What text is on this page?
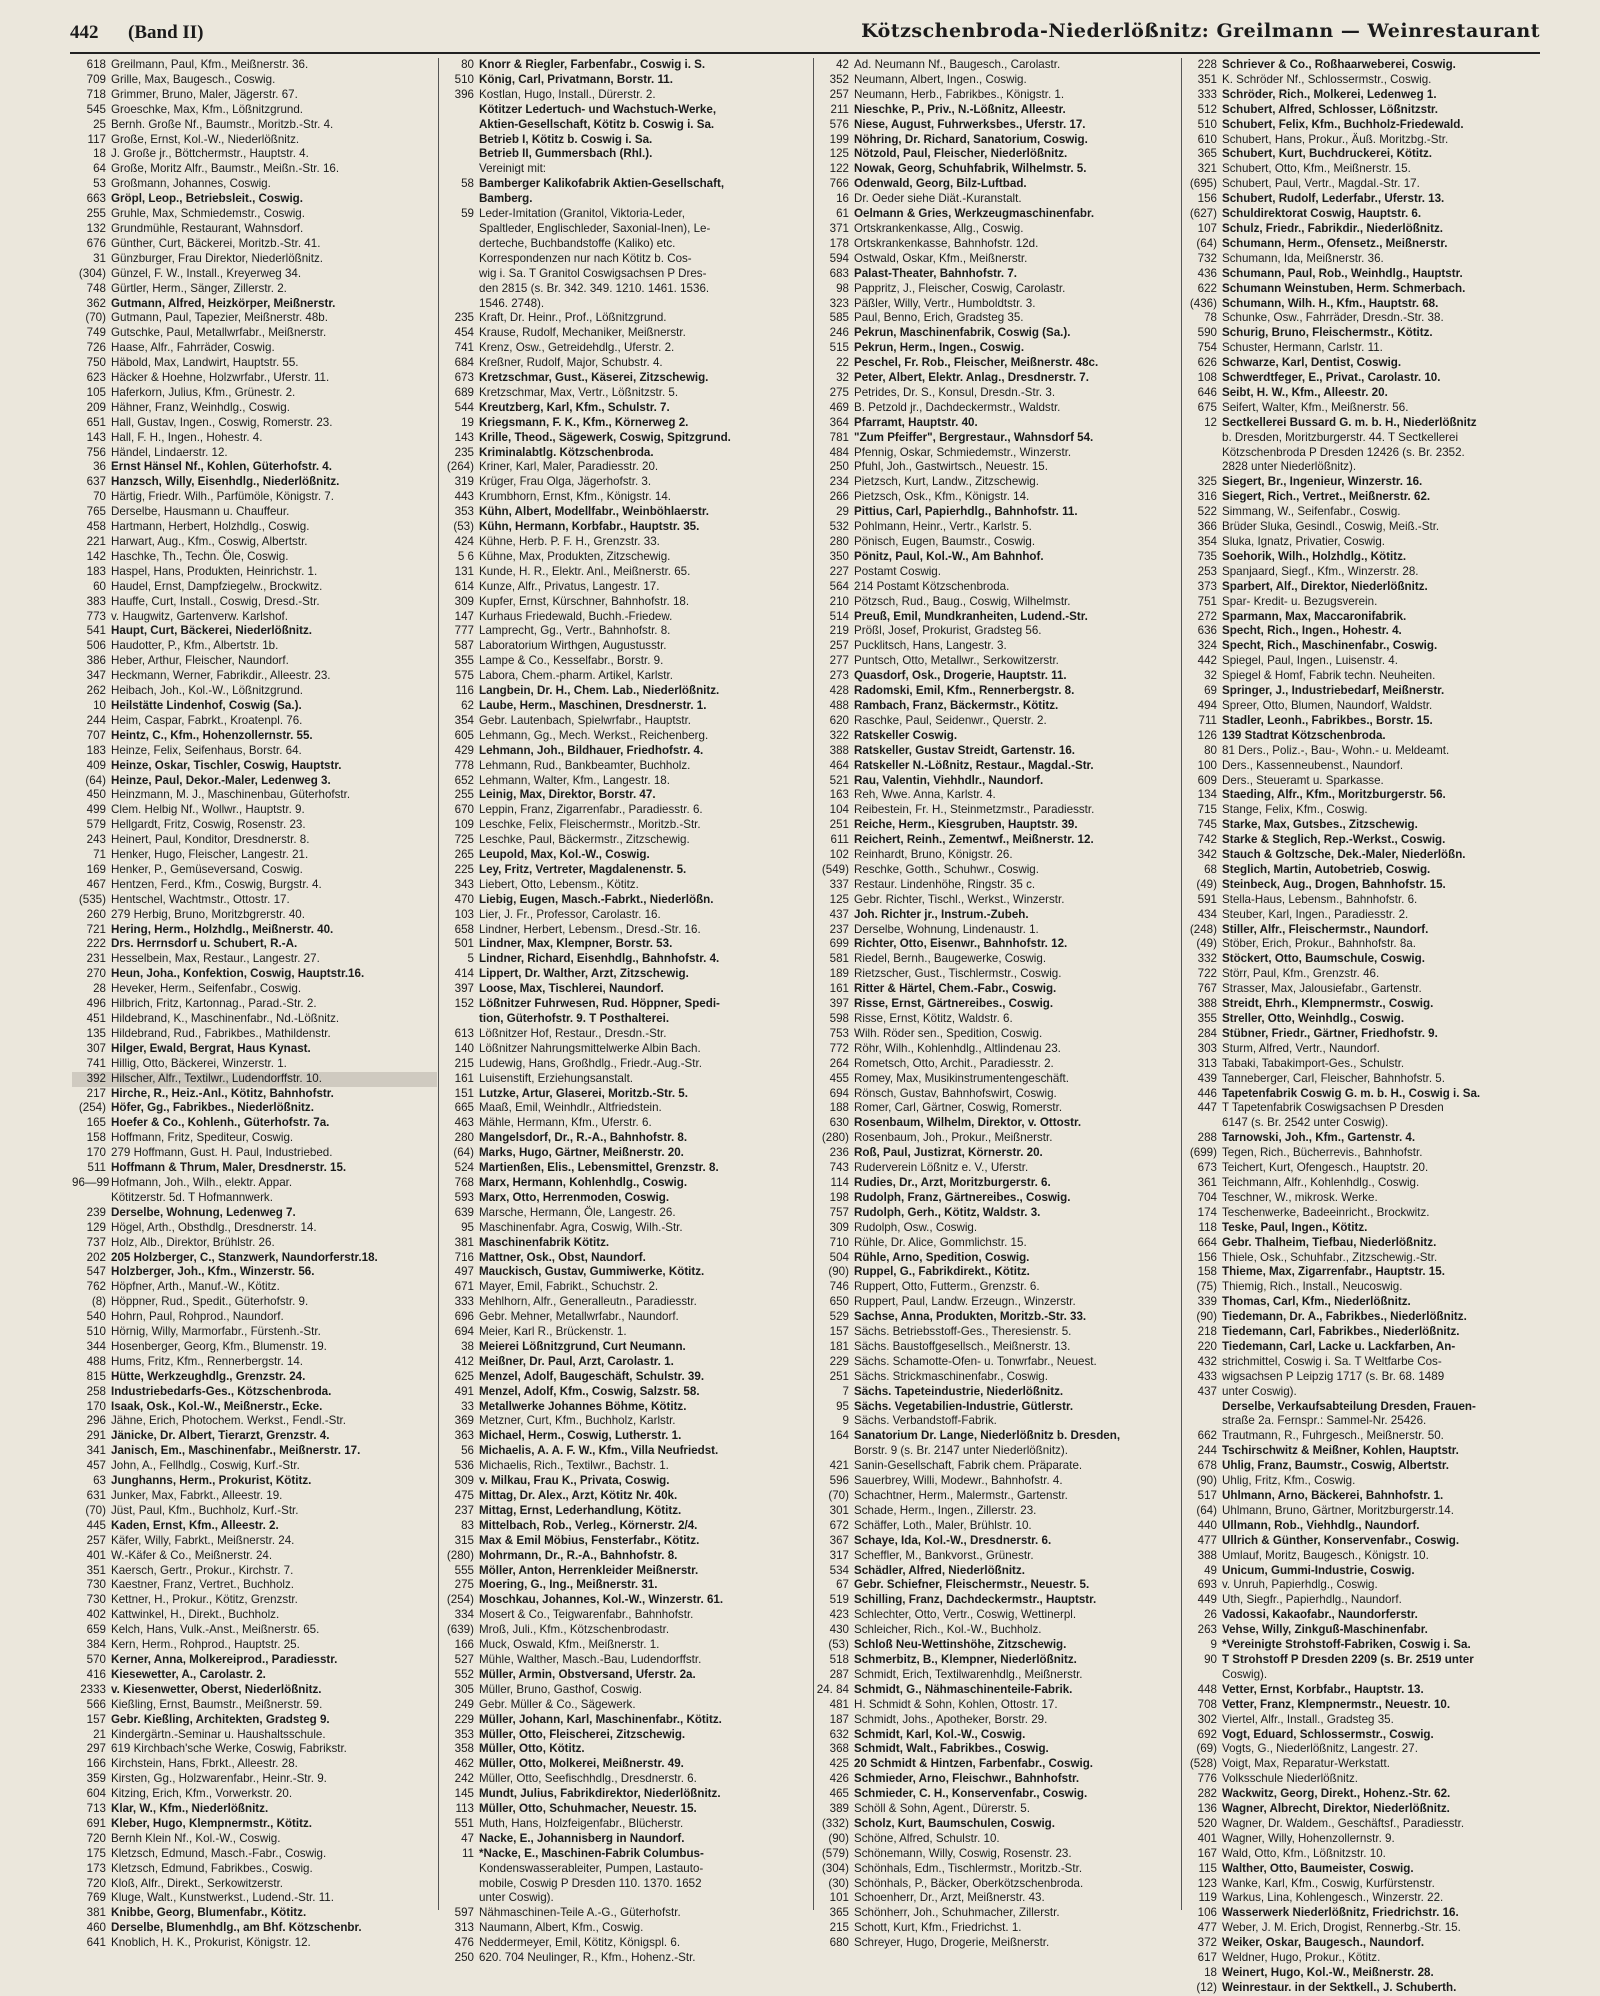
442 (Band II)	Kötzschenbroda-Niederlößnitz: Greilmann — Weinrestaurant
618 Greilmann, Paul, Kfm., Meißnerstr. 36.
709 Grille, Max, Baugesch., Coswig.
718 Grimmer, Bruno, Maler, Jägerstr. 67.
545 Groeschke, Max, Kfm., Lößnitzgrund.
25 Bernh. Große Nf., Baumstr., Moritzb.-Str. 4.
117 Große, Ernst, Kol.-W., Niederlößnitz.
18 J. Große jr., Böttchermstr., Hauptstr. 4.
64 Große, Moritz Alfr., Baumstr., Meißn.-Str. 16.
53 Großmann, Johannes, Coswig.
663 Gröpl, Leop., Betriebsleit., Coswig.
255 Gruhle, Max, Schmiedemstr., Coswig.
132 Grundmühle, Restaurant, Wahnsdorf.
676 Günther, Curt, Bäckerei, Moritzb.-Str. 41.
31 Günzburger, Frau Direktor, Niederlößnitz.
(304) Günzel, F. W., Install., Kreyerweg 34.
748 Gürtler, Herm., Sänger, Zillerstr. 2.
362 Gutmann, Alfred, Heizkörper, Meißnerstr.
(70) Gutmann, Paul, Tapezier, Meißnerstr. 48b.
749 Gutschke, Paul, Metallwrfabr., Meißnerstr.
726 Haase, Alfr., Fahrräder, Coswig.
750 Häbold, Max, Landwirt, Hauptstr. 55.
623 Häcker & Hoehne, Holzwrfabr., Uferstr. 11.
105 Haferkorn, Julius, Kfm., Grünestr. 2.
209 Hähner, Franz, Weinhdlg., Coswig.
651 Hall, Gustav, Ingen., Coswig, Romerstr. 23.
143 Hall, F. H., Ingen., Hohestr. 4.
756 Händel, Lindaerstr. 12.
36 Ernst Hänsel Nf., Kohlen, Güterhofstr. 4.
637 Hanzsch, Willy, Eisenhdlg., Niederlößnitz.
70 Härtig, Friedr. Wilh., Parfümöle, Königstr. 7.
765 Derselbe, Hausmann u. Chauffeur.
458 Hartmann, Herbert, Holzhdlg., Coswig.
221 Harwart, Aug., Kfm., Coswig, Albertstr.
142 Haschke, Th., Techn. Öle, Coswig.
183 Haspel, Hans, Produkten, Heinrichstr. 1.
60 Haudel, Ernst, Dampfziegelw., Brockwitz.
383 Hauffe, Curt, Install., Coswig, Dresd.-Str.
773 v. Haugwitz, Gartenverw. Karlshof.
541 Haupt, Curt, Bäckerei, Niederlößnitz.
506 Haudotter, P., Kfm., Albertstr. 1b.
386 Heber, Arthur, Fleischer, Naundorf.
347 Heckmann, Werner, Fabrikdir., Alleestr. 23.
262 Heibach, Joh., Kol.-W., Lößnitzgrund.
10 Heilstätte Lindenhof, Coswig (Sa.).
244 Heim, Caspar, Fabrkt., Kroatenpl. 76.
707 Heintz, C., Kfm., Hohenzollernstr. 55.
183 Heinze, Felix, Seifenhaus, Borstr. 64.
409 Heinze, Oskar, Tischler, Coswig, Hauptstr.
(64) Heinze, Paul, Dekor.-Maler, Ledenweg 3.
450 Heinzmann, M. J., Maschinenbau, Güterhofstr.
499 Clem. Helbig Nf., Wollwr., Hauptstr. 9.
579 Hellgardt, Fritz, Coswig, Rosenstr. 23.
243 Heinert, Paul, Konditor, Dresdnerstr. 8.
71 Henker, Hugo, Fleischer, Langestr. 21.
169 Henker, P., Gemüseversand, Coswig.
467 Hentzen, Ferd., Kfm., Coswig, Burgstr. 4.
(535) Hentschel, Wachtmstr., Ottostr. 17.
260 279 Herbig, Bruno, Moritzbgrerstr. 40.
721 Hering, Herm., Holzhdlg., Meißnerstr. 40.
222 Drs. Herrnsdorf u. Schubert, R.-A.
231 Hesselbein, Max, Restaur., Langestr. 27.
270 Heun, Joha., Konfektion, Coswig, Hauptstr.16.
28 Heveker, Herm., Seifenfabr., Coswig.
496 Hilbrich, Fritz, Kartonnag., Parad.-Str. 2.
451 Hildebrand, K., Maschinenfabr., Nd.-Lößnitz.
135 Hildebrand, Rud., Fabrikbes., Mathildenstr.
307 Hilger, Ewald, Bergrat, Haus Kynast.
741 Hillig, Otto, Bäckerei, Winzerstr. 1.
392 Hilscher, Alfr., Textilwr., Ludendorffstr. 10.
217 Hirche, R., Heiz.-Anl., Kötitz, Bahnhofstr.
(254) Höfer, Gg., Fabrikbes., Niederlößnitz.
165 Hoefer & Co., Kohlenh., Güterhofstr. 7a.
158 Hoffmann, Fritz, Spediteur, Coswig.
170 279 Hoffmann, Gust. H. Paul, Industriebed.
511 Hoffmann & Thrum, Maler, Dresdnerstr. 15.
96—99 Hofmann, Joh., Wilh., elektr. Appar.
Kötitzerstr. 5d. T Hofmannwerk.
239 Derselbe, Wohnung, Ledenweg 7.
129 Högel, Arth., Obsthdlg., Dresdnerstr. 14.
737 Holz, Alb., Direktor, Brühlstr. 26.
202 205 Holzberger, C., Stanzwerk, Naundorferstr.18.
547 Holzberger, Joh., Kfm., Winzerstr. 56.
762 Höpfner, Arth., Manuf.-W., Kötitz.
(8) Höppner, Rud., Spedit., Güterhofstr. 9.
540 Hohrn, Paul, Rohprod., Naundorf.
510 Hörnig, Willy, Marmorfabr., Fürstenh.-Str.
344 Hosenberger, Georg, Kfm., Blumenstr. 19.
488 Hums, Fritz, Kfm., Rennerbergstr. 14.
815 Hütte, Werkzeughdlg., Grenzstr. 24.
258 Industriebedarfs-Ges., Kötzschenbroda.
170 Isaak, Osk., Kol.-W., Meißnerstr., Ecke.
296 Jähne, Erich, Photochem. Werkst., Fendl.-Str.
291 Jänicke, Dr. Albert, Tierarzt, Grenzstr. 4.
341 Janisch, Em., Maschinenfabr., Meißnerstr. 17.
457 John, A., Fellhdlg., Coswig, Kurf.-Str.
63 Junghanns, Herm., Prokurist, Kötitz.
631 Junker, Max, Fabrkt., Alleestr. 19.
(70) Jüst, Paul, Kfm., Buchholz, Kurf.-Str.
445 Kaden, Ernst, Kfm., Alleestr. 2.
257 Käfer, Willy, Fabrkt., Meißnerstr. 24.
401 W.-Käfer & Co., Meißnerstr. 24.
351 Kaersch, Gertr., Prokur., Kirchstr. 7.
730 Kaestner, Franz, Vertret., Buchholz.
730 Kettner, H., Prokur., Kötitz, Grenzstr.
402 Kattwinkel, H., Direkt., Buchholz.
659 Kelch, Hans, Vulk.-Anst., Meißnerstr. 65.
384 Kern, Herm., Rohprod., Hauptstr. 25.
570 Kerner, Anna, Molkereiprod., Paradiesstr.
416 Kiesewetter, A., Carolastr. 2.
2333 v. Kiesenwetter, Oberst, Niederlößnitz.
566 Kießling, Ernst, Baumstr., Meißnerstr. 59.
157 Gebr. Kießling, Architekten, Gradsteg 9.
21 Kindergärtn.-Seminar u. Haushaltsschule.
297 619 Kirchbach'sche Werke, Coswig, Fabrikstr.
166 Kirchstein, Hans, Fbrkt., Alleestr. 28.
359 Kirsten, Gg., Holzwarenfabr., Heinr.-Str. 9.
604 Kitzing, Erich, Kfm., Vorwerkstr. 20.
713 Klar, W., Kfm., Niederlößnitz.
691 Kleber, Hugo, Klempnermstr., Kötitz.
720 Bernh Klein Nf., Kol.-W., Coswig.
175 Kletzsch, Edmund, Masch.-Fabr., Coswig.
173 Kletzsch, Edmund, Fabrikbes., Coswig.
720 Kloß, Alfr., Direkt., Serkowitzerstr.
769 Kluge, Walt., Kunstwerkst., Ludend.-Str. 11.
381 Knibbe, Georg, Blumenfabr., Kötitz.
460 Derselbe, Blumenhdlg., am Bhf. Kötzschenbr.
641 Knoblich, H. K., Prokurist, Königstr. 12.
80 Knorr & Riegler, Farbenfabr., Coswig i. S.
510 König, Carl, Privatmann, Borstr. 11.
396 Kostlan, Hugo, Install., Dürerstr. 2.
Kötitzer Ledertuch- und Wachstuch-Werke,
Aktien-Gesellschaft, Kötitz b. Coswig i. Sa.
Betrieb I, Kötitz b. Coswig i. Sa.
Betrieb II, Gummersbach (Rhl.).
Vereinigt mit:
58 Bamberger Kalikofabrik Aktien-Gesellschaft,
Bamberg.
59 Leder-Imitation (Granitol, Viktoria-Leder,
Spaltleder, Englischleder, Saxonial-Inen), Le-
derteche, Buchbandstoffe (Kaliko) etc.
Korrespondenzen nur nach Kötitz b. Cos-
wig i. Sa. T Granitol Coswigsachsen P Dres-
den 2815 (s. Br. 342. 349. 1210. 1461. 1536.
1546. 2748).
235 Kraft, Dr. Heinr., Prof., Lößnitzgrund.
454 Krause, Rudolf, Mechaniker, Meißnerstr.
741 Krenz, Osw., Getreidehdlg., Uferstr. 2.
684 Kreßner, Rudolf, Major, Schubstr. 4.
673 Kretzschmar, Gust., Käserei, Zitzschewig.
689 Kretzschmar, Max, Vertr., Lößnitzstr. 5.
544 Kreutzberg, Karl, Kfm., Schulstr. 7.
19 Kriegsmann, F. K., Kfm., Körnerweg 2.
143 Krille, Theod., Sägewerk, Coswig, Spitzgrund.
235 Kriminalabtlg. Kötzschenbroda.
(264) Kriner, Karl, Maler, Paradiesstr. 20.
319 Krüger, Frau Olga, Jägerhofstr. 3.
443 Krumbhorn, Ernst, Kfm., Königstr. 14.
353 Kühn, Albert, Modellfabr., Weinböhlaerstr.
(53) Kühn, Hermann, Korbfabr., Hauptstr. 35.
424 Kühne, Herb. P. F. H., Grenzstr. 33.
5 6 Kühne, Max, Produkten, Zitzschewig.
131 Kunde, H. R., Elektr. Anl., Meißnerstr. 65.
614 Kunze, Alfr., Privatus, Langestr. 17.
309 Kupfer, Ernst, Kürschner, Bahnhofstr. 18.
147 Kurhaus Friedewald, Buchh.-Friedew.
777 Lamprecht, Gg., Vertr., Bahnhofstr. 8.
587 Laboratorium Wirthgen, Augustusstr.
355 Lampe & Co., Kesselfabr., Borstr. 9.
575 Labora, Chem.-pharm. Artikel, Karlstr.
116 Langbein, Dr. H., Chem. Lab., Niederlößnitz.
62 Laube, Herm., Maschinen, Dresdnerstr. 1.
354 Gebr. Lautenbach, Spielwrfabr., Hauptstr.
605 Lehmann, Gg., Mech. Werkst., Reichenberg.
429 Lehmann, Joh., Bildhauer, Friedhofstr. 4.
778 Lehmann, Rud., Bankbeamter, Buchholz.
652 Lehmann, Walter, Kfm., Langestr. 18.
255 Leinig, Max, Direktor, Borstr. 47.
670 Leppin, Franz, Zigarrenfabr., Paradiesstr. 6.
109 Leschke, Felix, Fleischermstr., Moritzb.-Str.
725 Leschke, Paul, Bäckermstr., Zitzschewig.
265 Leupold, Max, Kol.-W., Coswig.
225 Ley, Fritz, Vertreter, Magdalenenstr. 5.
343 Liebert, Otto, Lebensm., Kötitz.
470 Liebig, Eugen, Masch.-Fabrkt., Niederlößn.
103 Lier, J. Fr., Professor, Carolastr. 16.
658 Lindner, Herbert, Lebensm., Dresd.-Str. 16.
501 Lindner, Max, Klempner, Borstr. 53.
5 Lindner, Richard, Eisenhdlg., Bahnhofstr. 4.
414 Lippert, Dr. Walther, Arzt, Zitzschewig.
397 Loose, Max, Tischlerei, Naundorf.
152 Lößnitzer Fuhrwesen, Rud. Höppner, Spedi-
tion, Güterhofstr. 9. T Posthalterei.
613 Lößnitzer Hof, Restaur., Dresdn.-Str.
140 Lößnitzer Nahrungsmittelwerke Albin Bach.
215 Ludewig, Hans, Großhdlg., Friedr.-Aug.-Str.
161 Luisenstift, Erziehungsanstalt.
151 Lutzke, Artur, Glaserei, Moritzb.-Str. 5.
665 Maaß, Emil, Weinhdlr., Altfriedstein.
463 Mähle, Hermann, Kfm., Uferstr. 6.
280 Mangelsdorf, Dr., R.-A., Bahnhofstr. 8.
(64) Marks, Hugo, Gärtner, Meißnerstr. 20.
524 Martienßen, Elis., Lebensmittel, Grenzstr. 8.
768 Marx, Hermann, Kohlenhdlg., Coswig.
593 Marx, Otto, Herrenmoden, Coswig.
639 Marsche, Hermann, Öle, Langestr. 26.
95 Maschinenfabr. Agra, Coswig, Wilh.-Str.
381 Maschinenfabrik Kötitz.
716 Mattner, Osk., Obst, Naundorf.
497 Mauckisch, Gustav, Gummiwerke, Kötitz.
671 Mayer, Emil, Fabrikt., Schuchstr. 2.
333 Mehlhorn, Alfr., Generalleutn., Paradiesstr.
696 Gebr. Mehner, Metallwrfabr., Naundorf.
694 Meier, Karl R., Brückenstr. 1.
38 Meierei Lößnitzgrund, Curt Neumann.
412 Meißner, Dr. Paul, Arzt, Carolastr. 1.
625 Menzel, Adolf, Baugeschäft, Schulstr. 39.
491 Menzel, Adolf, Kfm., Coswig, Salzstr. 58.
33 Metallwerke Johannes Böhme, Kötitz.
369 Metzner, Curt, Kfm., Buchholz, Karlstr.
363 Michael, Herm., Coswig, Lutherstr. 1.
56 Michaelis, A. A. F. W., Kfm., Villa Neufriedst.
536 Michaelis, Rich., Textilwr., Bachstr. 1.
309 v. Milkau, Frau K., Privata, Coswig.
475 Mittag, Dr. Alex., Arzt, Kötitz Nr. 40k.
237 Mittag, Ernst, Lederhandlung, Kötitz.
83 Mittelbach, Rob., Verleg., Körnerstr. 2/4.
315 Max & Emil Möbius, Fensterfabr., Kötitz.
(280) Mohrmann, Dr., R.-A., Bahnhofstr. 8.
555 Möller, Anton, Herrenkleider Meißnerstr.
275 Moering, G., Ing., Meißnerstr. 31.
(254) Moschkau, Johannes, Kol.-W., Winzerstr. 61.
334 Mosert & Co., Teigwarenfabr., Bahnhofstr.
(639) Mroß, Juli., Kfm., Kötzschenbrodastr.
166 Muck, Oswald, Kfm., Meißnerstr. 1.
527 Mühle, Walther, Masch.-Bau, Ludendorffstr.
552 Müller, Armin, Obstversand, Uferstr. 2a.
305 Müller, Bruno, Gasthof, Coswig.
249 Gebr. Müller & Co., Sägewerk.
229 Müller, Johann, Karl, Maschinenfabr., Kötitz.
353 Müller, Otto, Fleischerei, Zitzschewig.
358 Müller, Otto, Kötitz.
462 Müller, Otto, Molkerei, Meißnerstr. 49.
242 Müller, Otto, Seefischhdlg., Dresdnerstr. 6.
145 Mundt, Julius, Fabrikdirektor, Niederlößnitz.
113 Müller, Otto, Schuhmacher, Neuestr. 15.
551 Muth, Hans, Holzfeigenfabr., Blücherstr.
47 Nacke, E., Johannisberg in Naundorf.
11 *Nacke, E., Maschinen-Fabrik Columbus-
Kondenswasserableiter, Pumpen, Lastauto-
mobile, Coswig P Dresden 110. 1370. 1652
unter Coswig).
597 Nähmaschinen-Teile A.-G., Güterhofstr.
313 Naumann, Albert, Kfm., Coswig.
476 Neddermeyer, Emil, Kötitz, Königspl. 6.
250 620. 704 Neulinger, R., Kfm., Hohenz.-Str.
42 Ad. Neumann Nf., Baugesch., Carolastr.
352 Neumann, Albert, Ingen., Coswig.
257 Neumann, Herb., Fabrikbes., Königstr. 1.
211 Nieschke, P., Priv., N.-Lößnitz, Alleestr.
576 Niese, August, Fuhrwerksbes., Uferstr. 17.
199 Nöhring, Dr. Richard, Sanatorium, Coswig.
125 Nötzold, Paul, Fleischer, Niederlößnitz.
122 Nowak, Georg, Schuhfabrik, Wilhelmstr. 5.
766 Odenwald, Georg, Bilz-Luftbad.
16 Dr. Oeder siehe Diät.-Kuranstalt.
61 Oelmann & Gries, Werkzeugmaschinenfabr.
371 Ortskrankenkasse, Allg., Coswig.
178 Ortskrankenkasse, Bahnhofstr. 12d.
594 Ostwald, Oskar, Kfm., Meißnerstr.
683 Palast-Theater, Bahnhofstr. 7.
98 Pappritz, J., Fleischer, Coswig, Carolastr.
323 Päßler, Willy, Vertr., Humboldtstr. 3.
585 Paul, Benno, Erich, Gradsteg 35.
246 Pekrun, Maschinenfabrik, Coswig (Sa.).
515 Pekrun, Herm., Ingen., Coswig.
22 Peschel, Fr. Rob., Fleischer, Meißnerstr. 48c.
32 Peter, Albert, Elektr. Anlag., Dresdnerstr. 7.
275 Petrides, Dr. S., Konsul, Dresdn.-Str. 3.
469 B. Petzold jr., Dachdeckermstr., Waldstr.
364 Pfarramt, Hauptstr. 40.
781 "Zum Pfeiffer", Bergrestaur., Wahnsdorf 54.
484 Pfennig, Oskar, Schmiedemstr., Winzerstr.
250 Pfuhl, Joh., Gastwirtsch., Neuestr. 15.
234 Pietzsch, Kurt, Landw., Zitzschewig.
266 Pietzsch, Osk., Kfm., Königstr. 14.
29 Pittius, Carl, Papierhdlg., Bahnhofstr. 11.
532 Pohlmann, Heinr., Vertr., Karlstr. 5.
280 Pönisch, Eugen, Baumstr., Coswig.
350 Pönitz, Paul, Kol.-W., Am Bahnhof.
227 Postamt Coswig.
564 214 Postamt Kötzschenbroda.
210 Pötzsch, Rud., Baug., Coswig, Wilhelmstr.
514 Preuß, Emil, Mundkranheiten, Ludend.-Str.
219 Prößl, Josef, Prokurist, Gradsteg 56.
257 Pucklitsch, Hans, Langestr. 3.
277 Puntsch, Otto, Metallwr., Serkowitzerstr.
273 Quasdorf, Osk., Drogerie, Hauptstr. 11.
428 Radomski, Emil, Kfm., Rennerbergstr. 8.
488 Rambach, Franz, Bäckermstr., Kötitz.
620 Raschke, Paul, Seidenwr., Querstr. 2.
322 Ratskeller Coswig.
388 Ratskeller, Gustav Streidt, Gartenstr. 16.
464 Ratskeller N.-Lößnitz, Restaur., Magdal.-Str.
521 Rau, Valentin, Viehhdlr., Naundorf.
163 Reh, Wwe. Anna, Karlstr. 4.
104 Reibestein, Fr. H., Steinmetzmstr., Paradiesstr.
251 Reiche, Herm., Kiesgruben, Hauptstr. 39.
611 Reichert, Reinh., Zementwf., Meißnerstr. 12.
102 Reinhardt, Bruno, Königstr. 26.
(549) Reschke, Gotth., Schuhwr., Coswig.
337 Restaur. Lindenhöhe, Ringstr. 35 c.
125 Gebr. Richter, Tischl., Werkst., Winzerstr.
437 Joh. Richter jr., Instrum.-Zubeh.
237 Derselbe, Wohnung, Lindenaustr. 1.
699 Richter, Otto, Eisenwr., Bahnhofstr. 12.
581 Riedel, Bernh., Baugewerke, Coswig.
189 Rietzscher, Gust., Tischlermstr., Coswig.
161 Ritter & Härtel, Chem.-Fabr., Coswig.
397 Risse, Ernst, Gärtnereibes., Coswig.
598 Risse, Ernst, Kötitz, Waldstr. 6.
753 Wilh. Röder sen., Spedition, Coswig.
772 Röhr, Wilh., Kohlenhdlg., Altlindenau 23.
264 Rometsch, Otto, Archit., Paradiesstr. 2.
455 Romey, Max, Musikinstrumentengeschäft.
694 Rönsch, Gustav, Bahnhofswirt, Coswig.
188 Romer, Carl, Gärtner, Coswig, Romerstr.
630 Rosenbaum, Wilhelm, Direktor, v. Ottostr.
(280) Rosenbaum, Joh., Prokur., Meißnerstr.
236 Roß, Paul, Justizrat, Körnerstr. 20.
743 Ruderverein Lößnitz e. V., Uferstr.
114 Rudies, Dr., Arzt, Moritzburgerstr. 6.
198 Rudolph, Franz, Gärtnereibes., Coswig.
757 Rudolph, Gerh., Kötitz, Waldstr. 3.
309 Rudolph, Osw., Coswig.
710 Rühle, Dr. Alice, Gommlichstr. 15.
504 Rühle, Arno, Spedition, Coswig.
(90) Ruppel, G., Fabrikdirekt., Kötitz.
746 Ruppert, Otto, Futterm., Grenzstr. 6.
650 Ruppert, Paul, Landw. Erzeugn., Winzerstr.
529 Sachse, Anna, Produkten, Moritzb.-Str. 33.
157 Sächs. Betriebsstoff-Ges., Theresienstr. 5.
181 Sächs. Baustoffgesellsch., Meißnerstr. 13.
229 Sächs. Schamotte-Ofen- u. Tonwrfabr., Neuest.
251 Sächs. Strickmaschinenfabr., Coswig.
7 Sächs. Tapeteindustrie, Niederlößnitz.
95 Sächs. Vegetabilien-Industrie, Gütlerstr.
9 Sächs. Verbandstoff-Fabrik.
164 Sanatorium Dr. Lange, Niederlößnitz b. Dresden,
Borstr. 9 (s. Br. 2147 unter Niederlößnitz).
421 Sanin-Gesellschaft, Fabrik chem. Präparate.
596 Sauerbrey, Willi, Modewr., Bahnhofstr. 4.
(70) Schachtner, Herm., Malermstr., Gartenstr.
301 Schade, Herm., Ingen., Zillerstr. 23.
672 Schäffer, Loth., Maler, Brühlstr. 10.
367 Schaye, Ida, Kol.-W., Dresdnerstr. 6.
317 Scheffler, M., Bankvorst., Grünestr.
534 Schädler, Alfred, Niederlößnitz.
67 Gebr. Schiefner, Fleischermstr., Neuestr. 5.
519 Schilling, Franz, Dachdeckermstr., Hauptstr.
423 Schlechter, Otto, Vertr., Coswig, Wettinerpl.
430 Schleicher, Rich., Kol.-W., Buchholz.
(53) Schloß Neu-Wettinshöhe, Zitzschewig.
518 Schmerbitz, B., Klempner, Niederlößnitz.
287 Schmidt, Erich, Textilwarenhdlg., Meißnerstr.
24. 84 Schmidt, G., Nähmaschinenteile-Fabrik.
481 H. Schmidt & Sohn, Kohlen, Ottostr. 17.
187 Schmidt, Johs., Apotheker, Borstr. 29.
632 Schmidt, Karl, Kol.-W., Coswig.
368 Schmidt, Walt., Fabrikbes., Coswig.
425 20 Schmidt & Hintzen, Farbenfabr., Coswig.
426 Schmieder, Arno, Fleischwr., Bahnhofstr.
465 Schmieder, C. H., Konservenfabr., Coswig.
389 Schöll & Sohn, Agent., Dürerstr. 5.
(332) Scholz, Kurt, Baumschulen, Coswig.
(90) Schöne, Alfred, Schulstr. 10.
(579) Schönemann, Willy, Coswig, Rosenstr. 23.
(304) Schönhals, Edm., Tischlermstr., Moritzb.-Str.
(30) Schönhals, P., Bäcker, Oberkötzschenbroda.
101 Schoenherr, Dr., Arzt, Meißnerstr. 43.
365 Schönherr, Joh., Schuhmacher, Zillerstr.
215 Schott, Kurt, Kfm., Friedrichst. 1.
680 Schreyer, Hugo, Drogerie, Meißnerstr.
228 Schriever & Co., Roßhaarweberei, Coswig.
351 K. Schröder Nf., Schlossermstr., Coswig.
333 Schröder, Rich., Molkerei, Ledenweg 1.
512 Schubert, Alfred, Schlosser, Lößnitzstr.
510 Schubert, Felix, Kfm., Buchholz-Friedewald.
610 Schubert, Hans, Prokur., Äuß. Moritzbg.-Str.
365 Schubert, Kurt, Buchdruckerei, Kötitz.
321 Schubert, Otto, Kfm., Meißnerstr. 15.
(695) Schubert, Paul, Vertr., Magdal.-Str. 17.
156 Schubert, Rudolf, Lederfabr., Uferstr. 13.
(627) Schuldirektorat Coswig, Hauptstr. 6.
107 Schulz, Friedr., Fabrikdir., Niederlößnitz.
(64) Schumann, Herm., Ofensetz., Meißnerstr.
732 Schumann, Ida, Meißnerstr. 36.
436 Schumann, Paul, Rob., Weinhdlg., Hauptstr.
622 Schumann Weinstuben, Herm. Schmerbach.
(436) Schumann, Wilh. H., Kfm., Hauptstr. 68.
78 Schunke, Osw., Fahrräder, Dresdn.-Str. 38.
590 Schurig, Bruno, Fleischermstr., Kötitz.
754 Schuster, Hermann, Carlstr. 11.
626 Schwarze, Karl, Dentist, Coswig.
108 Schwerdtfeger, E., Privat., Carolastr. 10.
646 Seibt, H. W., Kfm., Alleestr. 20.
675 Seifert, Walter, Kfm., Meißnerstr. 56.
12 Sectkellerei Bussard G. m. b. H., Niederlößnitz
b. Dresden, Moritzburgerstr. 44. T Sectkellerei
Kötzschenbroda P Dresden 12426 (s. Br. 2352.
2828 unter Niederlößnitz).
325 Siegert, Br., Ingenieur, Winzerstr. 16.
316 Siegert, Rich., Vertret., Meißnerstr. 62.
522 Simmang, W., Seifenfabr., Coswig.
366 Brüder Sluka, Gesindl., Coswig, Meiß.-Str.
354 Sluka, Ignatz, Privatier, Coswig.
735 Soehorik, Wilh., Holzhdlg., Kötitz.
253 Spanjaard, Siegf., Kfm., Winzerstr. 28.
373 Sparbert, Alf., Direktor, Niederlößnitz.
751 Spar- Kredit- u. Bezugsverein.
272 Sparmann, Max, Maccaronifabrik.
636 Specht, Rich., Ingen., Hohestr. 4.
324 Specht, Rich., Maschinenfabr., Coswig.
442 Spiegel, Paul, Ingen., Luisenstr. 4.
32 Spiegel & Homf, Fabrik techn. Neuheiten.
69 Springer, J., Industriebedarf, Meißnerstr.
494 Spreer, Otto, Blumen, Naundorf, Waldstr.
711 Stadler, Leonh., Fabrikbes., Borstr. 15.
126 139 Stadtrat Kötzschenbroda.
80 81 Ders., Poliz.-, Bau-, Wohn.- u. Meldeamt.
100 Ders., Kassenneubenst., Naundorf.
609 Ders., Steueramt u. Sparkasse.
134 Staeding, Alfr., Kfm., Moritzburgerstr. 56.
715 Stange, Felix, Kfm., Coswig.
745 Starke, Max, Gutsbes., Zitzschewig.
742 Starke & Steglich, Rep.-Werkst., Coswig.
342 Stauch & Goltzsche, Dek.-Maler, Niederlößn.
68 Steglich, Martin, Autobetrieb, Coswig.
(49) Steinbeck, Aug., Drogen, Bahnhofstr. 15.
591 Stella-Haus, Lebensm., Bahnhofstr. 6.
434 Steuber, Karl, Ingen., Paradiesstr. 2.
(248) Stiller, Alfr., Fleischermstr., Naundorf.
(49) Stöber, Erich, Prokur., Bahnhofstr. 8a.
332 Stöckert, Otto, Baumschule, Coswig.
722 Störr, Paul, Kfm., Grenzstr. 46.
767 Strasser, Max, Jalousiefabr., Gartenstr.
388 Streidt, Ehrh., Klempnermstr., Coswig.
355 Streller, Otto, Weinhdlg., Coswig.
284 Stübner, Friedr., Gärtner, Friedhofstr. 9.
303 Sturm, Alfred, Vertr., Naundorf.
313 Tabaki, Tabakimport-Ges., Schulstr.
439 Tanneberger, Carl, Fleischer, Bahnhofstr. 5.
446 Tapetenfabrik Coswig G. m. b. H., Coswig i. Sa.
447 T Tapetenfabrik Coswigsachsen P Dresden
6147 (s. Br. 2542 unter Coswig).
288 Tarnowski, Joh., Kfm., Gartenstr. 4.
(699) Tegen, Rich., Bücherrevis., Bahnhofstr.
673 Teichert, Kurt, Ofengesch., Hauptstr. 20.
361 Teichmann, Alfr., Kohlenhdlg., Coswig.
704 Teschner, W., mikrosk. Werke.
174 Teschenwerke, Badeeinricht., Brockwitz.
118 Teske, Paul, Ingen., Kötitz.
664 Gebr. Thalheim, Tiefbau, Niederlößnitz.
156 Thiele, Osk., Schuhfabr., Zitzschewig.-Str.
158 Thieme, Max, Zigarrenfabr., Hauptstr. 15.
(75) Thiemig, Rich., Install., Neucoswig.
339 Thomas, Carl, Kfm., Niederlößnitz.
(90) Tiedemann, Dr. A., Fabrikbes., Niederlößnitz.
218 Tiedemann, Carl, Fabrikbes., Niederlößnitz.
220 Tiedemann, Carl, Lacke u. Lackfarben, An-
432 strichmittel, Coswig i. Sa. T Weltfarbe Cos-
433 wigsachsen P Leipzig 1717 (s. Br. 68. 1489
437 unter Coswig).
Derselbe, Verkaufsabteilung Dresden, Frauen-
straße 2a. Fernspr.: Sammel-Nr. 25426.
662 Trautmann, R., Fuhrgesch., Meißnerstr. 50.
244 Tschirschwitz & Meißner, Kohlen, Hauptstr.
678 Uhlig, Franz, Baumstr., Coswig, Albertstr.
(90) Uhlig, Fritz, Kfm., Coswig.
517 Uhlmann, Arno, Bäckerei, Bahnhofstr. 1.
(64) Uhlmann, Bruno, Gärtner, Moritzburgerstr.14.
440 Ullmann, Rob., Viehhdlg., Naundorf.
477 Ullrich & Günther, Konservenfabr., Coswig.
388 Umlauf, Moritz, Baugesch., Königstr. 10.
49 Unicum, Gummi-Industrie, Coswig.
693 v. Unruh, Papierhdlg., Coswig.
449 Uth, Siegfr., Papierhdlg., Naundorf.
26 Vadossi, Kakaofabr., Naundorferstr.
263 Vehse, Willy, Zinkguß-Maschinenfabr.
9 *Vereinigte Strohstoff-Fabriken, Coswig i. Sa.
90 T Strohstoff P Dresden 2209 (s. Br. 2519 unter
Coswig).
448 Vetter, Ernst, Korbfabr., Hauptstr. 13.
708 Vetter, Franz, Klempnermstr., Neuestr. 10.
302 Viertel, Alfr., Install., Gradsteg 35.
692 Vogt, Eduard, Schlossermstr., Coswig.
(69) Vogts, G., Niederlößnitz, Langestr. 27.
(528) Voigt, Max, Reparatur-Werkstatt.
776 Volksschule Niederlößnitz.
282 Wackwitz, Georg, Direkt., Hohenz.-Str. 62.
136 Wagner, Albrecht, Direktor, Niederlößnitz.
520 Wagner, Dr. Waldem., Geschäftsf., Paradiesstr.
401 Wagner, Willy, Hohenzollernstr. 9.
167 Wald, Otto, Kfm., Lößnitzstr. 10.
115 Walther, Otto, Baumeister, Coswig.
123 Wanke, Karl, Kfm., Coswig, Kurfürstenstr.
119 Warkus, Lina, Kohlengesch., Winzerstr. 22.
106 Wasserwerk Niederlößnitz, Friedrichstr. 16.
477 Weber, J. M. Erich, Drogist, Rennerbg.-Str. 15.
372 Weiker, Oskar, Baugesch., Naundorf.
617 Weldner, Hugo, Prokur., Kötitz.
18 Weinert, Hugo, Kol.-W., Meißnerstr. 28.
(12) Weinrestaur. in der Sektkell., J. Schuberth.
